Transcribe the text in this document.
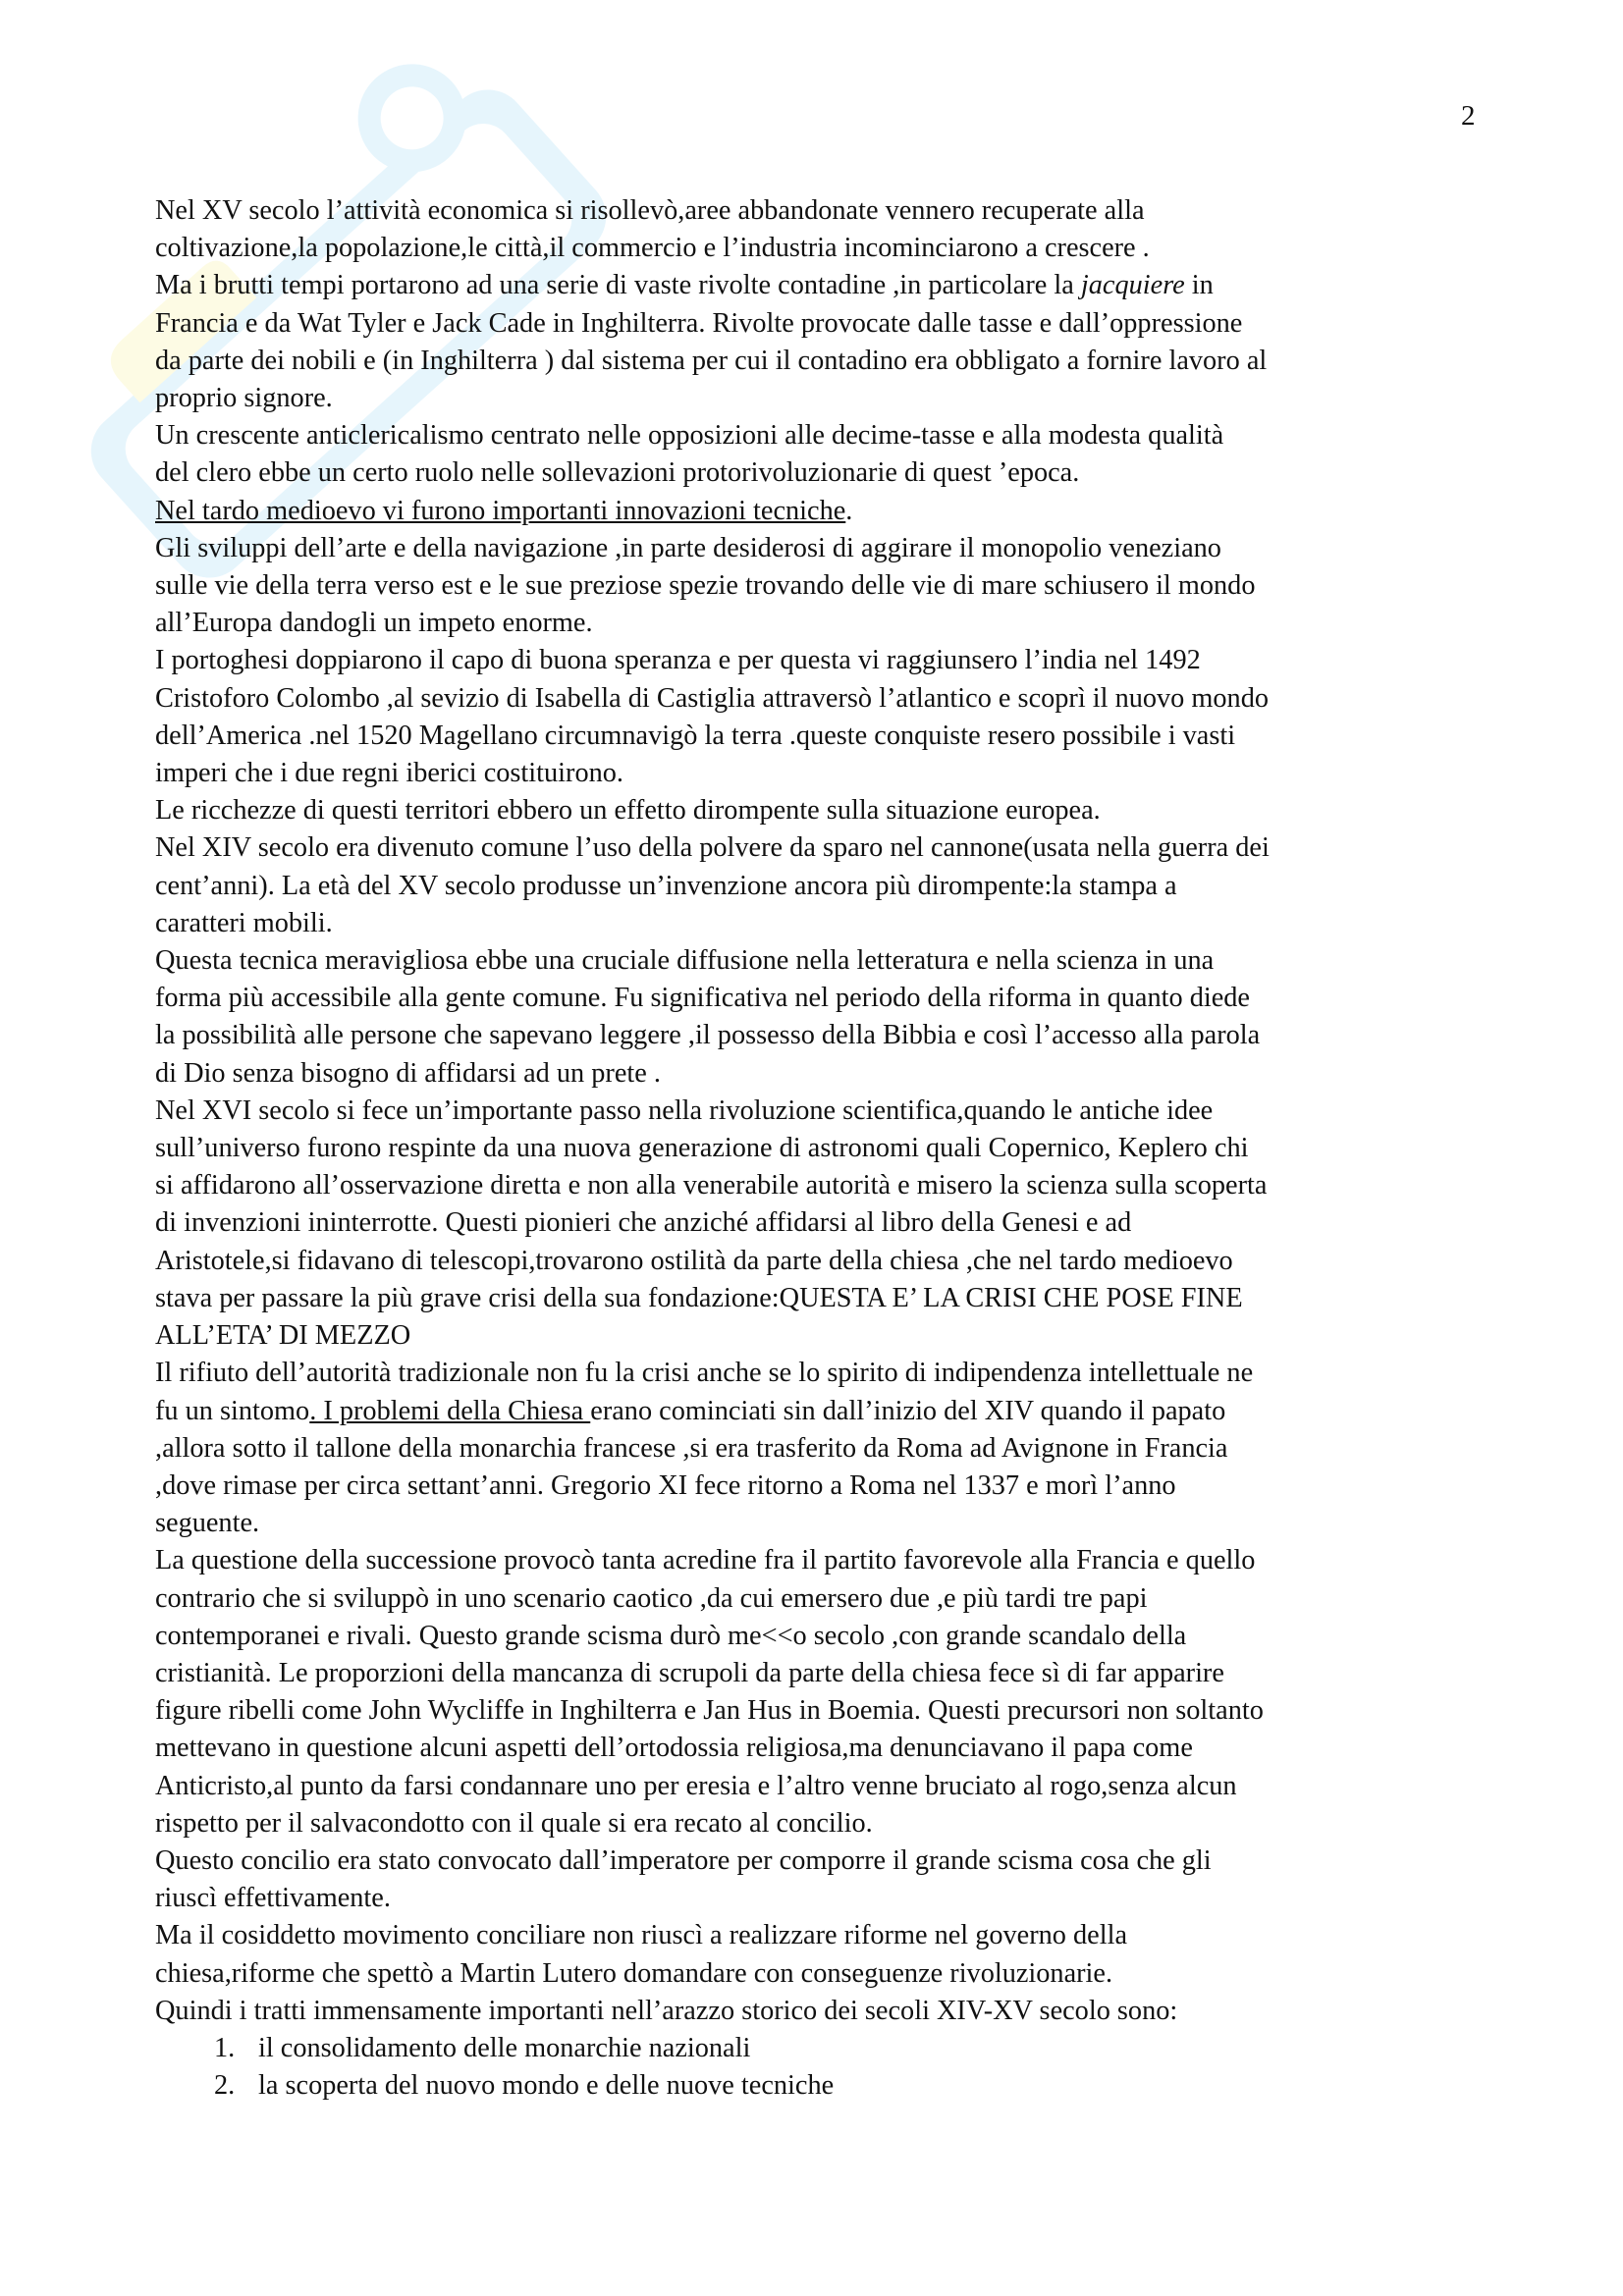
2
Nel XV secolo l’attività economica si risollevò,aree abbandonate vennero recuperate alla
coltivazione,la popolazione,le città,il commercio e l’industria incominciarono a crescere .
Ma i brutti tempi portarono ad una serie di vaste rivolte contadine ,in particolare la jacquiere in
Francia e da Wat Tyler e Jack Cade in Inghilterra. Rivolte provocate dalle tasse e dall’oppressione
da parte dei nobili e (in Inghilterra ) dal sistema per cui il contadino era obbligato a fornire lavoro al
proprio signore.
Un crescente anticlericalismo centrato nelle opposizioni alle decime-tasse e alla modesta qualità
del clero ebbe un certo ruolo nelle sollevazioni protorivoluzionarie di quest ’epoca.
Nel tardo medioevo vi furono importanti innovazioni tecniche.
Gli sviluppi dell’arte e della navigazione ,in parte desiderosi di aggirare il monopolio veneziano
sulle vie della terra verso est e le sue preziose spezie trovando delle vie di mare schiusero il mondo
all’Europa dandogli un impeto enorme.
I portoghesi doppiarono il capo di buona speranza e per questa vi raggiunsero l’india nel 1492
Cristoforo Colombo ,al sevizio di Isabella di Castiglia attraversò l’atlantico e scoprì il nuovo mondo
dell’America .nel 1520 Magellano circumnavigò la terra .queste conquiste resero possibile i vasti
imperi che i due regni iberici costituirono.
Le ricchezze di questi territori ebbero un effetto dirompente sulla situazione europea.
Nel XIV secolo era divenuto comune l’uso della polvere da sparo nel cannone(usata nella guerra dei
cent’anni). La età del XV secolo produsse un’invenzione ancora più dirompente:la stampa a
caratteri mobili.
Questa tecnica meravigliosa ebbe una cruciale diffusione nella letteratura e nella scienza in una
forma più accessibile alla gente comune. Fu significativa nel periodo della riforma in quanto diede
la possibilità alle persone che sapevano leggere ,il possesso della Bibbia e così l’accesso alla parola
di Dio senza bisogno di affidarsi ad un prete .
Nel XVI secolo si fece un’importante passo nella rivoluzione scientifica,quando le antiche idee
sull’universo furono respinte da una nuova generazione di astronomi quali Copernico, Keplero chi
si affidarono all’osservazione diretta e non alla venerabile autorità e misero la scienza sulla scoperta
di invenzioni ininterrotte. Questi pionieri che anziché affidarsi al libro della Genesi e ad
Aristotele,si fidavano di telescopi,trovarono ostilità da parte della chiesa ,che nel tardo medioevo
stava per passare la più grave crisi della sua fondazione:QUESTA E’ LA CRISI CHE POSE FINE
ALL’ETA’ DI MEZZO
Il rifiuto dell’autorità tradizionale non fu la crisi anche se lo spirito di indipendenza intellettuale ne
fu un sintomo. I problemi della Chiesa erano cominciati sin dall’inizio del XIV quando il papato
,allora sotto il tallone della monarchia francese ,si era trasferito da Roma ad Avignone in Francia
,dove rimase per circa settant’anni. Gregorio XI fece ritorno a Roma nel 1337 e morì l’anno
seguente.
La questione della successione provocò tanta acredine fra il partito favorevole alla Francia e quello
contrario che si sviluppò in uno scenario caotico ,da cui emersero due ,e più tardi tre papi
contemporanei e rivali. Questo grande scisma durò me<<o secolo ,con grande scandalo della
cristianità. Le proporzioni della mancanza di scrupoli da parte della chiesa fece sì di far apparire
figure ribelli come John Wycliffe in Inghilterra e Jan Hus in Boemia. Questi precursori non soltanto
mettevano in questione alcuni aspetti dell’ortodossia religiosa,ma denunciavano il papa come
Anticristo,al punto da farsi condannare uno per eresia e l’altro venne bruciato al rogo,senza alcun
rispetto per il salvacondotto con il quale si era recato al concilio.
Questo concilio era stato convocato dall’imperatore per comporre il grande scisma cosa che gli
riuscì effettivamente.
Ma il cosiddetto movimento conciliare non riuscì a realizzare riforme nel governo della
chiesa,riforme che spettò a Martin Lutero domandare con conseguenze rivoluzionarie.
Quindi i tratti immensamente importanti nell’arazzo storico dei secoli XIV-XV secolo sono:
1. il consolidamento delle monarchie nazionali
2. la scoperta del nuovo mondo e delle nuove tecniche
